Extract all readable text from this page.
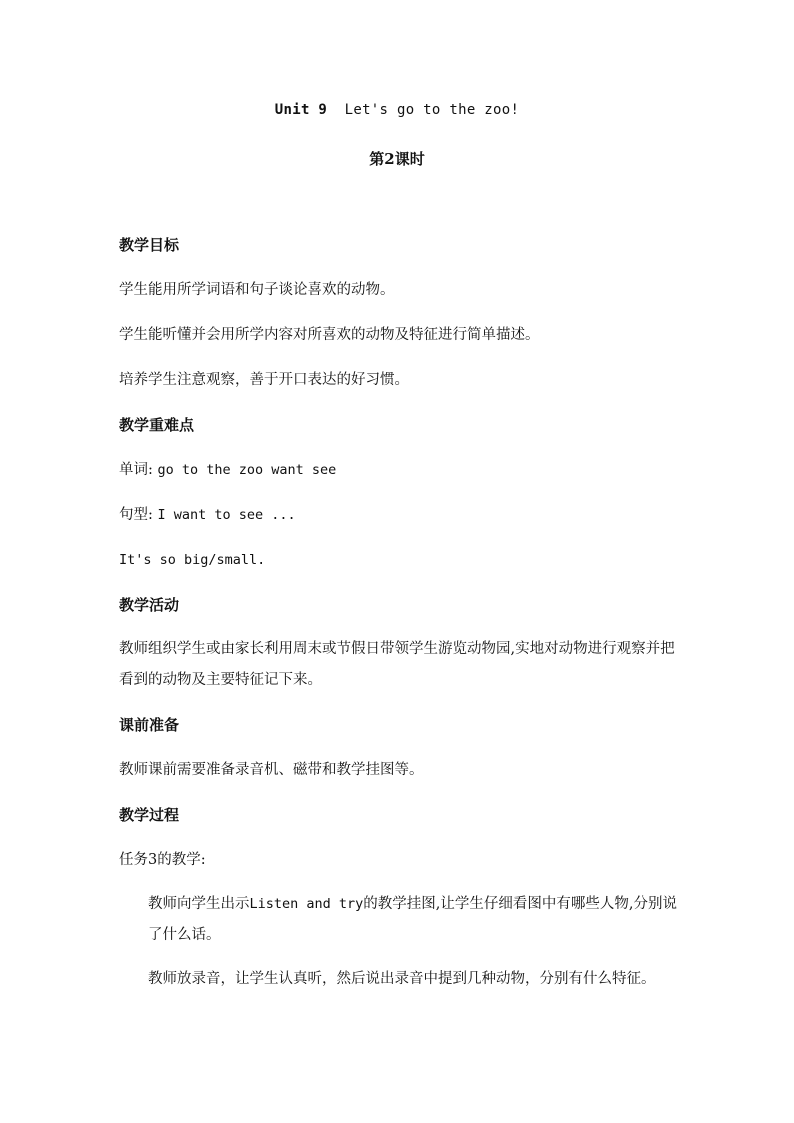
Unit 9 Let's go to the zoo!
第2课时
教学目标
学生能用所学词语和句子谈论喜欢的动物。
学生能听懂并会用所学内容对所喜欢的动物及特征进行简单描述。
培养学生注意观察，善于开口表达的好习惯。
教学重难点
单词: go to the zoo want see
句型: I want to see ...
It's so big/small.
教学活动
教师组织学生或由家长利用周末或节假日带领学生游览动物园,实地对动物进行观察并把看到的动物及主要特征记下来。
课前准备
教师课前需要准备录音机、磁带和教学挂图等。
教学过程
任务3的教学:
教师向学生出示Listen and try的教学挂图,让学生仔细看图中有哪些人物,分别说了什么话。
教师放录音，让学生认真听，然后说出录音中提到几种动物，分别有什么特征。
